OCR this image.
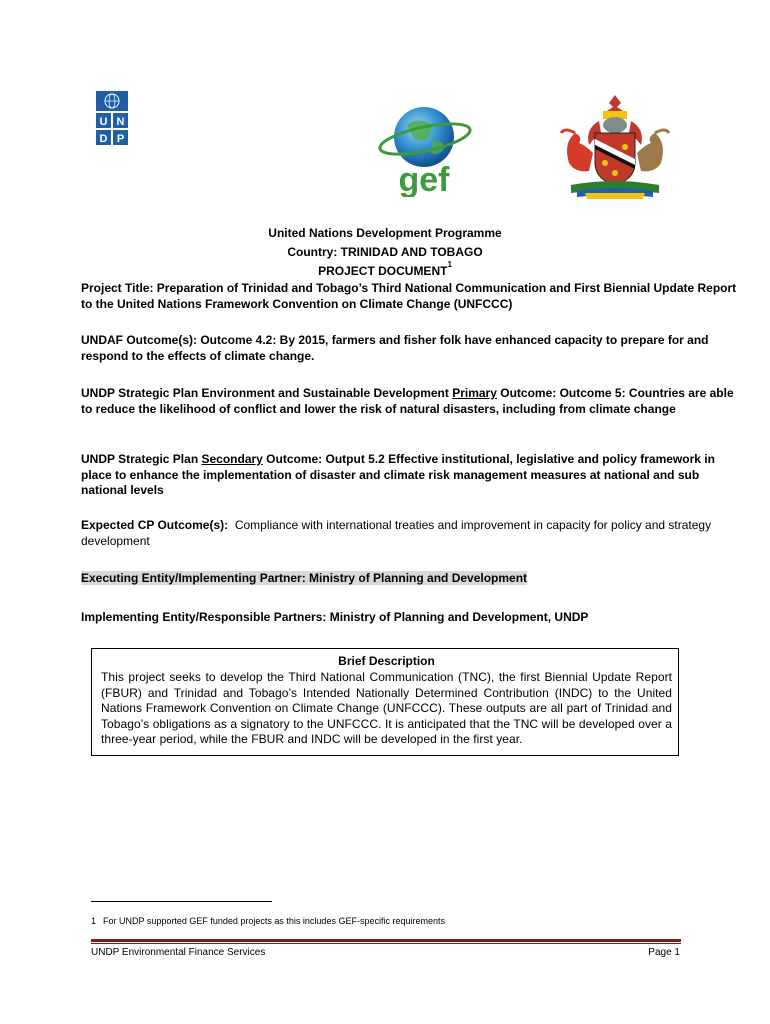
U N
D P
gef
United Nations Development Programme
Country: TRINIDAD AND TOBAGO
PROJECT DOCUMENT$^1$
Project Title: Preparation of Trinidad and Tobago’s Third National Communication and First Biennial Update Report to the United Nations Framework Convention on Climate Change (UNFCCC)
UNDAF Outcome(s): Outcome 4.2: By 2015, farmers and fisher folk have enhanced capacity to prepare for and respond to the effects of climate change.
UNDP Strategic Plan Environment and Sustainable Development Primary Outcome: Outcome 5: Countries are able to reduce the likelihood of conflict and lower the risk of natural disasters, including from climate change
UNDP Strategic Plan Secondary Outcome: Output 5.2 Effective institutional, legislative and policy framework in place to enhance the implementation of disaster and climate risk management measures at national and sub national levels
Expected CP Outcome(s):  Compliance with international treaties and improvement in capacity for policy and strategy development
Executing Entity/Implementing Partner: Ministry of Planning and Development
Implementing Entity/Responsible Partners: Ministry of Planning and Development, UNDP
Brief Description
This project seeks to develop the Third National Communication (TNC), the first Biennial Update Report (FBUR) and Trinidad and Tobago’s Intended Nationally Determined Contribution (INDC) to the United Nations Framework Convention on Climate Change (UNFCCC). These outputs are all part of Trinidad and Tobago’s obligations as a signatory to the UNFCCC. It is anticipated that the TNC will be developed over a three-year period, while the FBUR and INDC will be developed in the first year.
1 For UNDP supported GEF funded projects as this includes GEF-specific requirements
UNDP Environmental Finance Services	Page 1
